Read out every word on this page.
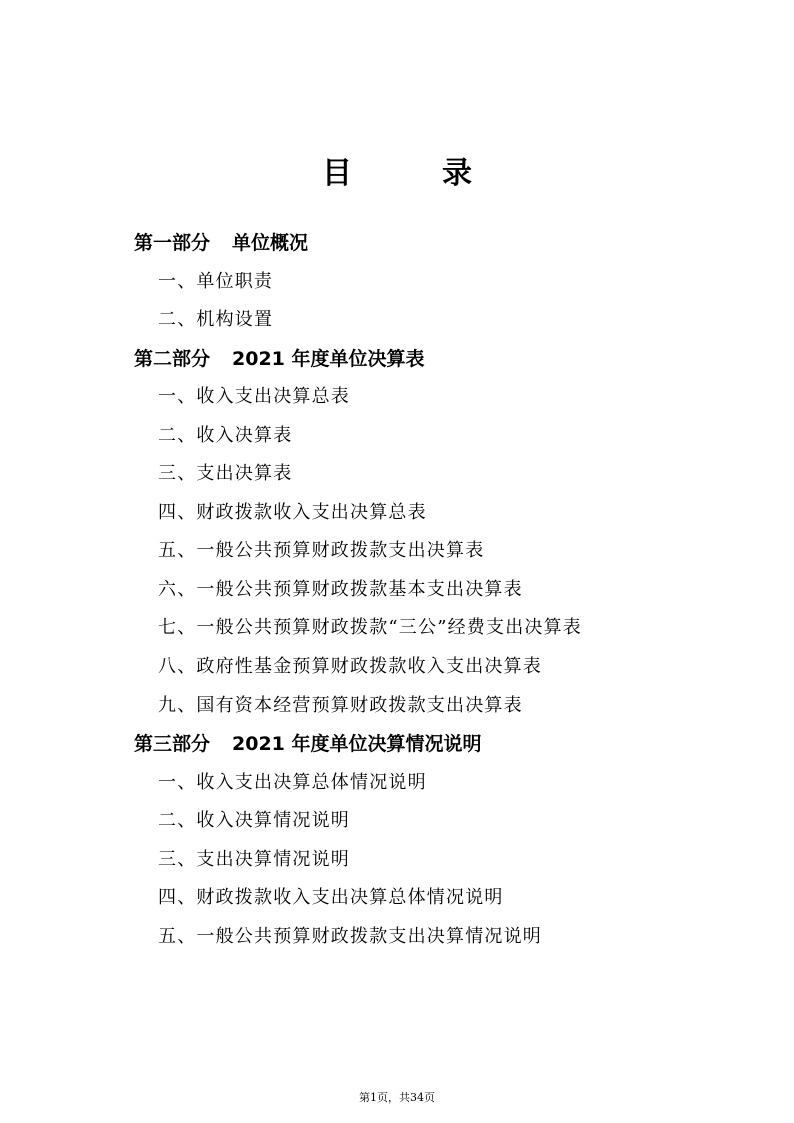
目　录
第一部分 单位概况
一、单位职责
二、机构设置
第二部分 2021 年度单位决算表
一、收入支出决算总表
二、收入决算表
三、支出决算表
四、财政拨款收入支出决算总表
五、一般公共预算财政拨款支出决算表
六、一般公共预算财政拨款基本支出决算表
七、一般公共预算财政拨款“三公”经费支出决算表
八、政府性基金预算财政拨款收入支出决算表
九、国有资本经营预算财政拨款支出决算表
第三部分 2021 年度单位决算情况说明
一、收入支出决算总体情况说明
二、收入决算情况说明
三、支出决算情况说明
四、财政拨款收入支出决算总体情况说明
五、一般公共预算财政拨款支出决算情况说明
第1页，共34页
